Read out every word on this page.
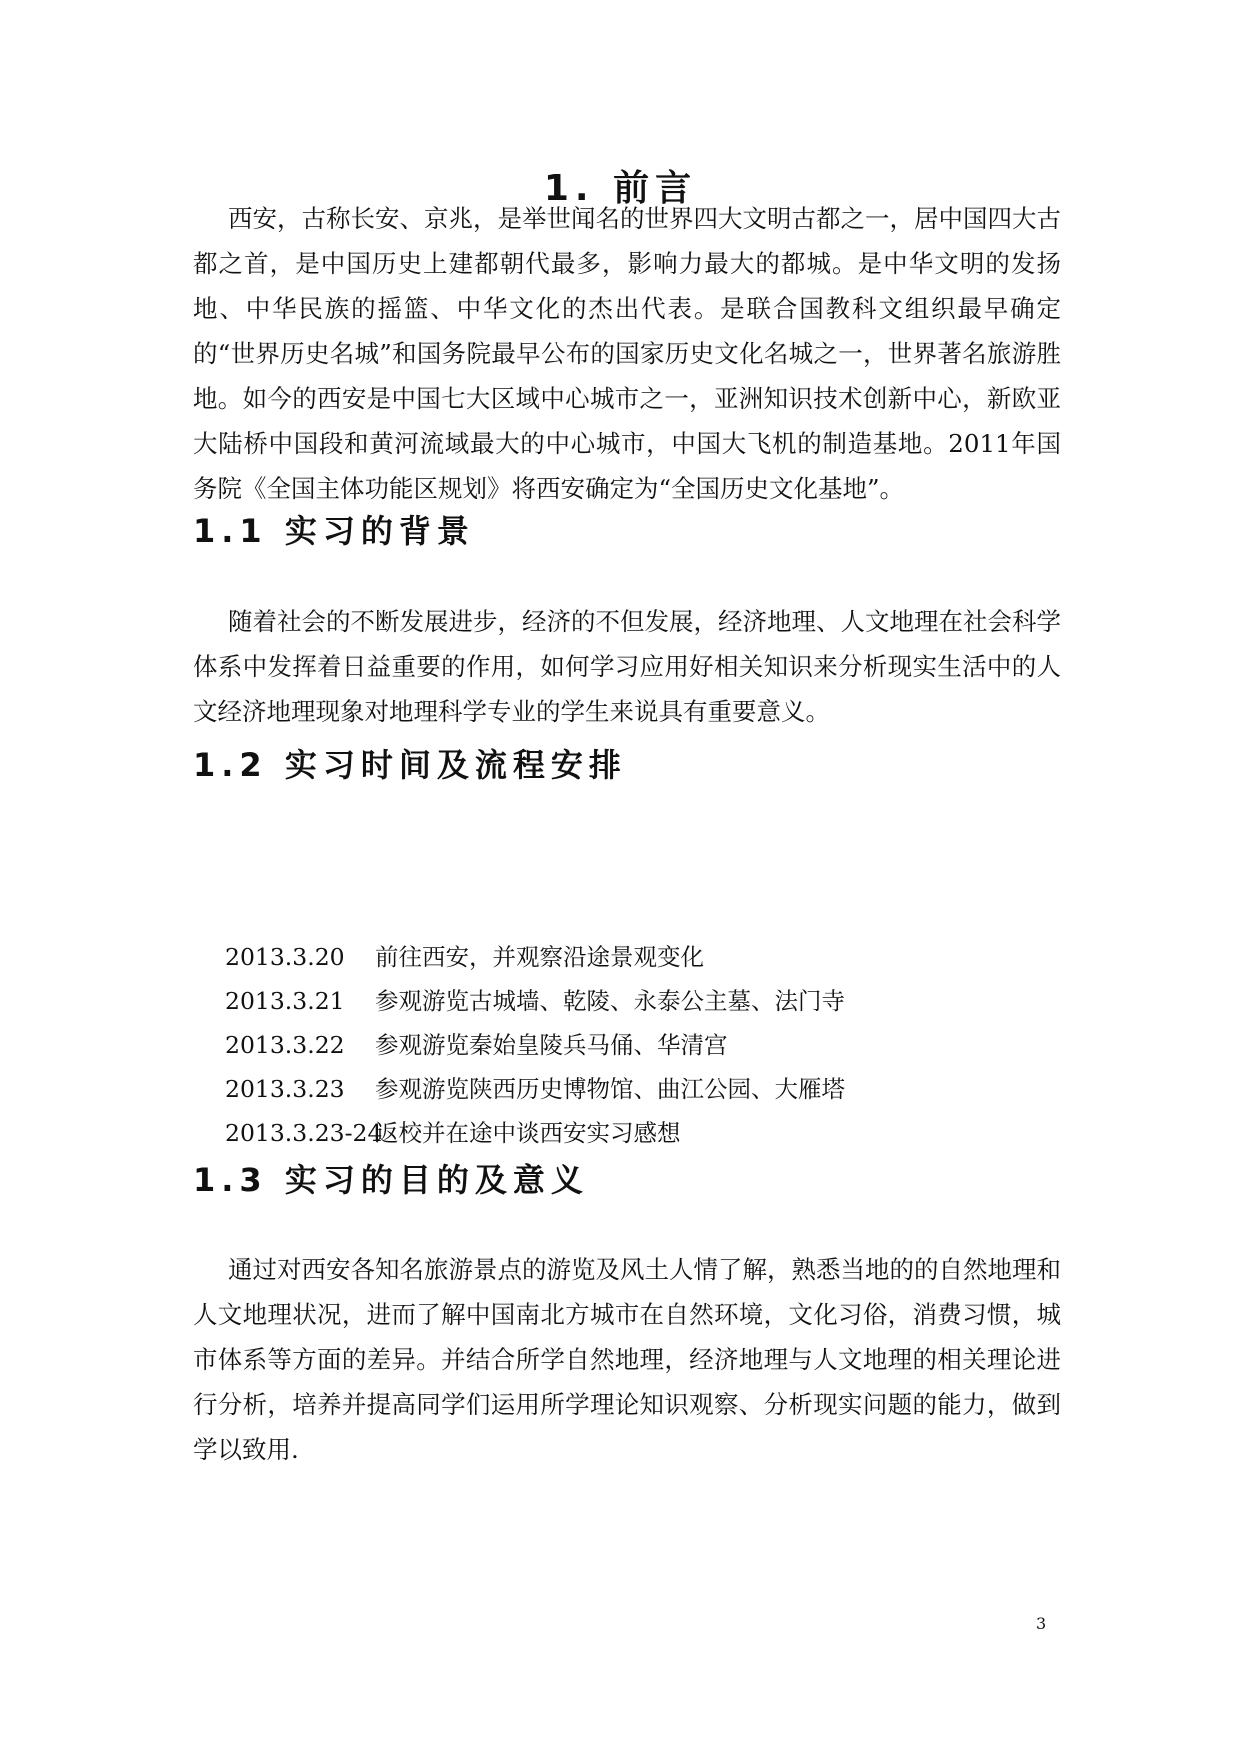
1. 前言

西安，古称长安、京兆，是举世闻名的世界四大文明古都之一，居中国四大古都之首，是中国历史上建都朝代最多，影响力最大的都城。是中华文明的发扬地、中华民族的摇篮、中华文化的杰出代表。是联合国教科文组织最早确定的“世界历史名城”和国务院最早公布的国家历史文化名城之一，世界著名旅游胜地。如今的西安是中国七大区域中心城市之一，亚洲知识技术创新中心，新欧亚大陆桥中国段和黄河流域最大的中心城市，中国大飞机的制造基地。2011年国务院《全国主体功能区规划》将西安确定为“全国历史文化基地”。

1.1 实习的背景

随着社会的不断发展进步，经济的不但发展，经济地理、人文地理在社会科学体系中发挥着日益重要的作用，如何学习应用好相关知识来分析现实生活中的人文经济地理现象对地理科学专业的学生来说具有重要意义。

1.2 实习时间及流程安排
2013.3.20 前往西安，并观察沿途景观变化
2013.3.21 参观游览古城墙、乾陵、永泰公主墓、法门寺
2013.3.22 参观游览秦始皇陵兵马俑、华清宫
2013.3.23 参观游览陕西历史博物馆、曲江公园、大雁塔
2013.3.23-24返校并在途中谈西安实习感想
1.3 实习的目的及意义

通过对西安各知名旅游景点的游览及风土人情了解，熟悉当地的的自然地理和人文地理状况，进而了解中国南北方城市在自然环境，文化习俗，消费习惯，城市体系等方面的差异。并结合所学自然地理，经济地理与人文地理的相关理论进行分析，培养并提高同学们运用所学理论知识观察、分析现实问题的能力，做到学以致用.

3
